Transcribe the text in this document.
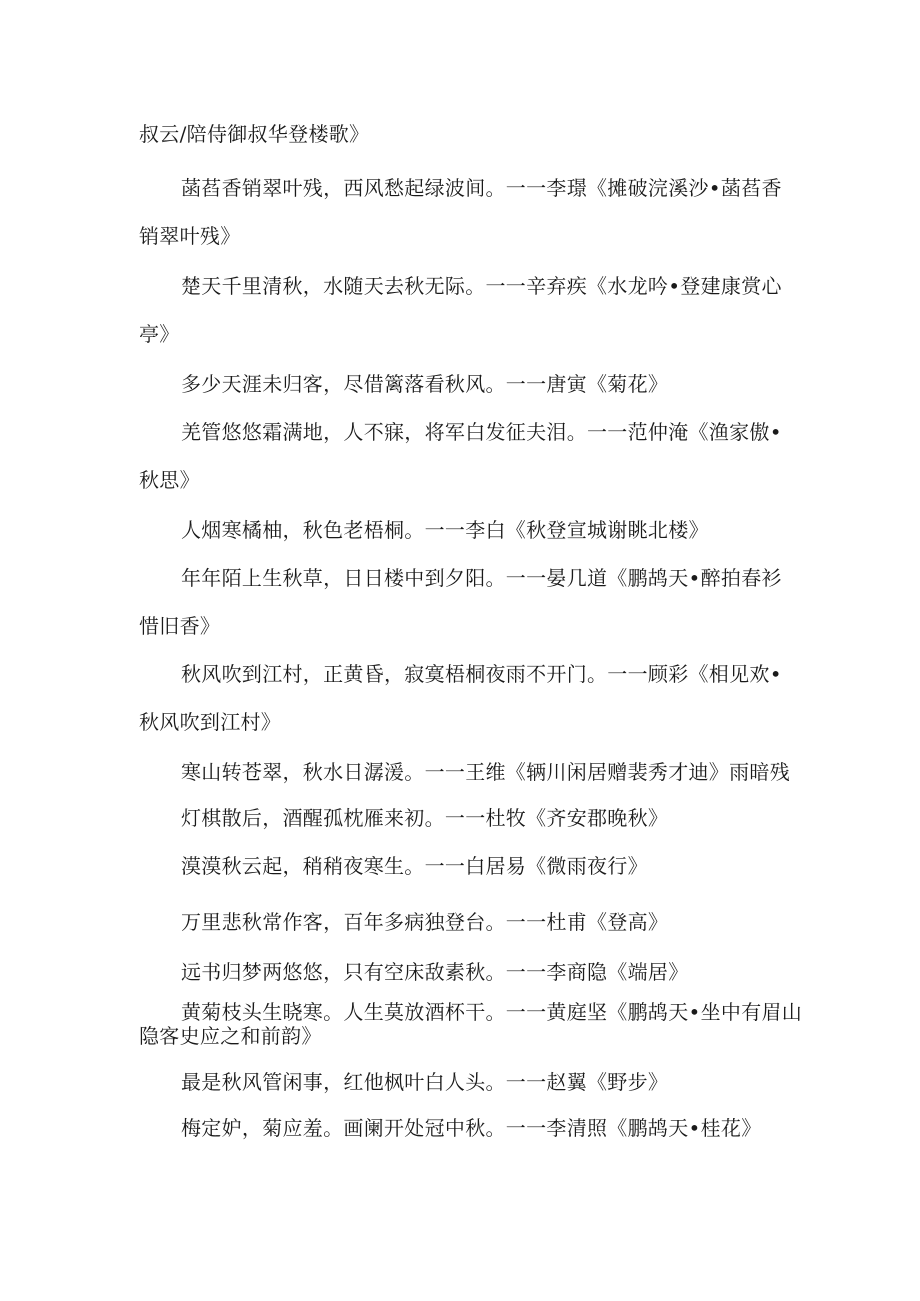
叔云/陪侍御叔华登楼歌》
菡萏香销翠叶残，西风愁起绿波间。一一李璟《摊破浣溪沙•菡萏香
销翠叶残》
楚天千里清秋，水随天去秋无际。一一辛弃疾《水龙吟•登建康赏心
亭》
多少天涯未归客，尽借篱落看秋风。一一唐寅《菊花》
羌管悠悠霜满地，人不寐，将军白发征夫泪。一一范仲淹《渔家傲•
秋思》
人烟寒橘柚，秋色老梧桐。一一李白《秋登宣城谢眺北楼》
年年陌上生秋草，日日楼中到夕阳。一一晏几道《鹏鸪天•醉拍春衫
惜旧香》
秋风吹到江村，正黄昏，寂寞梧桐夜雨不开门。一一顾彩《相见欢•
秋风吹到江村》
寒山转苍翠，秋水日潺湲。一一王维《辆川闲居赠裴秀才迪》雨暗残
灯棋散后，酒醒孤枕雁来初。一一杜牧《齐安郡晚秋》
漠漠秋云起，稍稍夜寒生。一一白居易《微雨夜行》
万里悲秋常作客，百年多病独登台。一一杜甫《登高》
远书归梦两悠悠，只有空床敌素秋。一一李商隐《端居》
黄菊枝头生晓寒。人生莫放酒杯干。一一黄庭坚《鹏鸪天•坐中有眉山
隐客史应之和前韵》
最是秋风管闲事，红他枫叶白人头。一一赵翼《野步》
梅定妒，菊应羞。画阑开处冠中秋。一一李清照《鹏鸪天•桂花》
